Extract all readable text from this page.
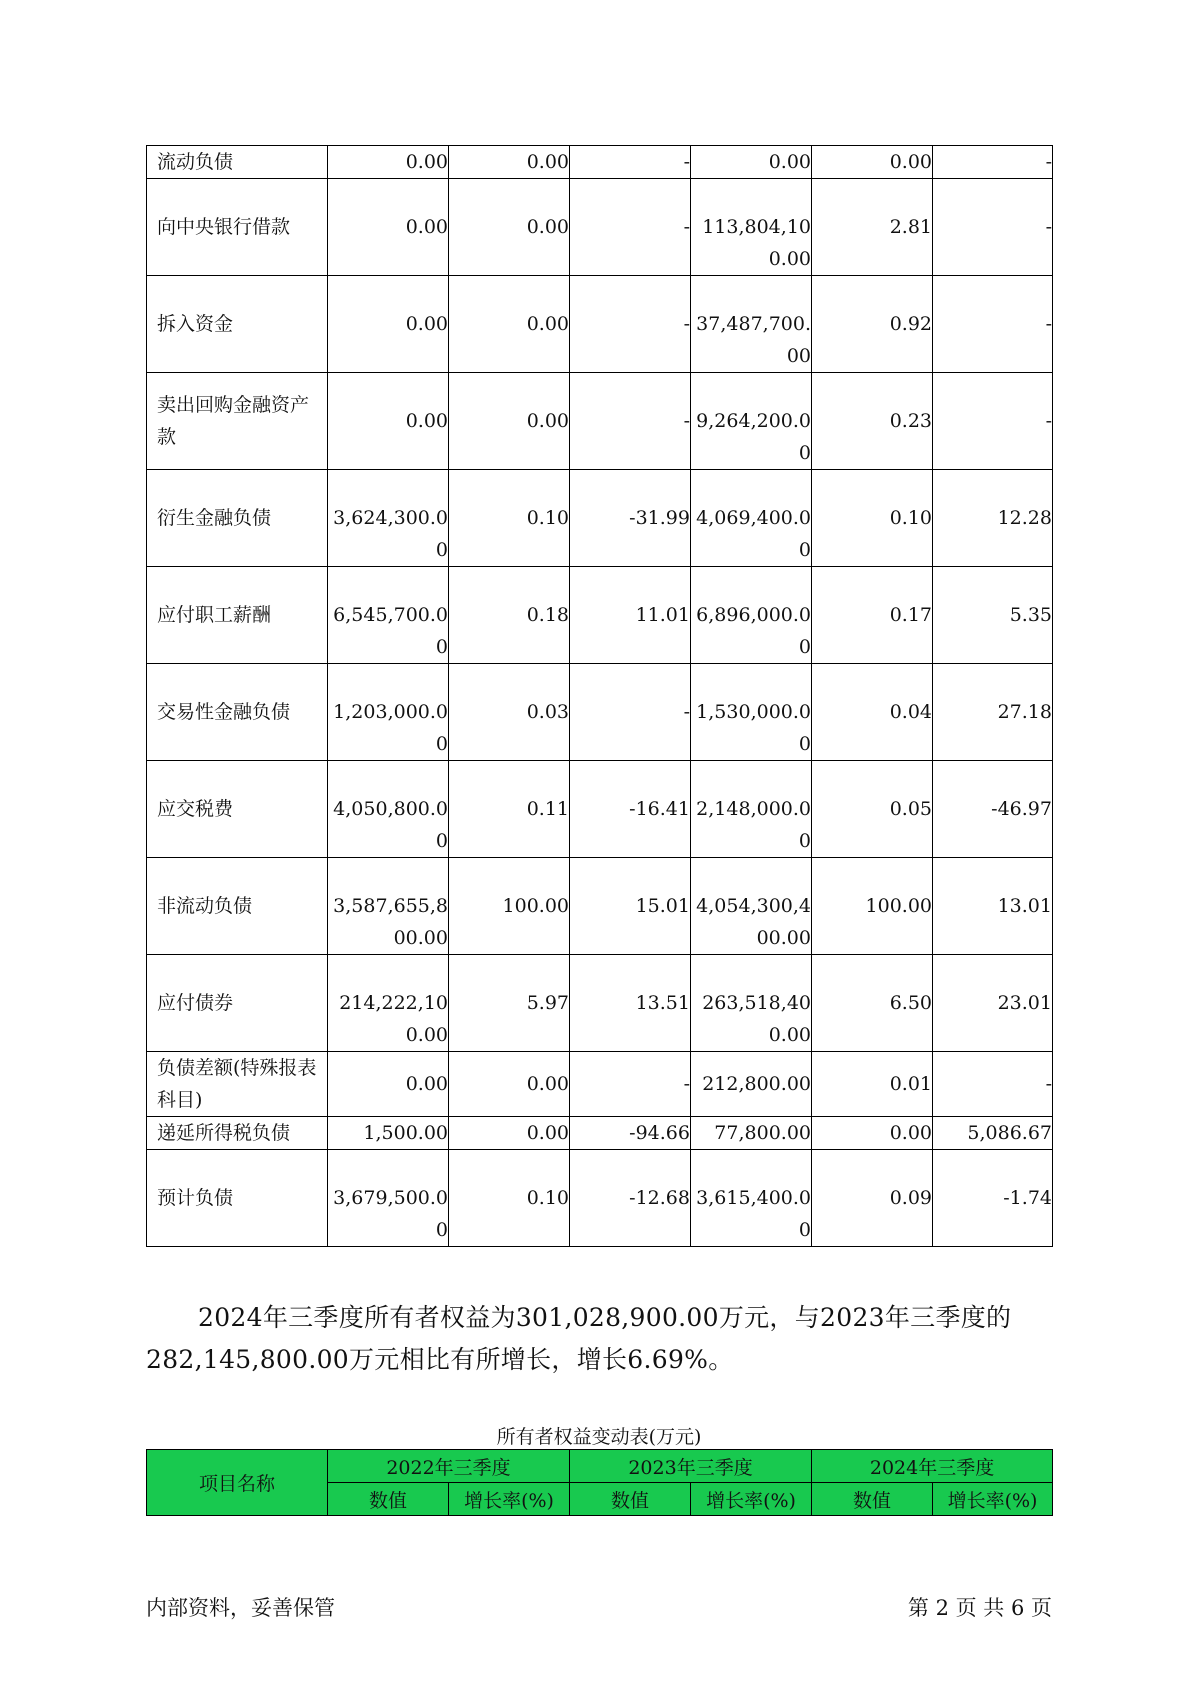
流动负债	0.00	0.00	-	0.00	0.00	-

向中央银行借款	0.00	0.00	-	113,804,100.00	2.81	-

拆入资金	0.00	0.00	-	37,487,700.00	0.92	-

卖出回购金融资产款	0.00	0.00	-	9,264,200.00	0.23	-

衍生金融负债	3,624,300.00	0.10	-31.99	4,069,400.00	0.10	12.28

应付职工薪酬	6,545,700.00	0.18	11.01	6,896,000.00	0.17	5.35

交易性金融负债	1,203,000.00	0.03	-	1,530,000.00	0.04	27.18

应交税费	4,050,800.00	0.11	-16.41	2,148,000.00	0.05	-46.97

非流动负债	3,587,655,800.00	100.00	15.01	4,054,300,400.00	100.00	13.01

应付债券	214,222,100.00	5.97	13.51	263,518,400.00	6.50	23.01

负债差额(特殊报表科目)	0.00	0.00	-	212,800.00	0.01	-

递延所得税负债	1,500.00	0.00	-94.66	77,800.00	0.00	5,086.67

预计负债	3,679,500.00	0.10	-12.68	3,615,400.00	0.09	-1.74

2024年三季度所有者权益为301,028,900.00万元，与2023年三季度的282,145,800.00万元相比有所增长，增长6.69%。

所有者权益变动表(万元)

项目名称	2022年三季度		2023年三季度		2024年三季度	
	数值	增长率(%)	数值	增长率(%)	数值	增长率(%)
内部资料，妥善保管	第 2 页 共 6 页
